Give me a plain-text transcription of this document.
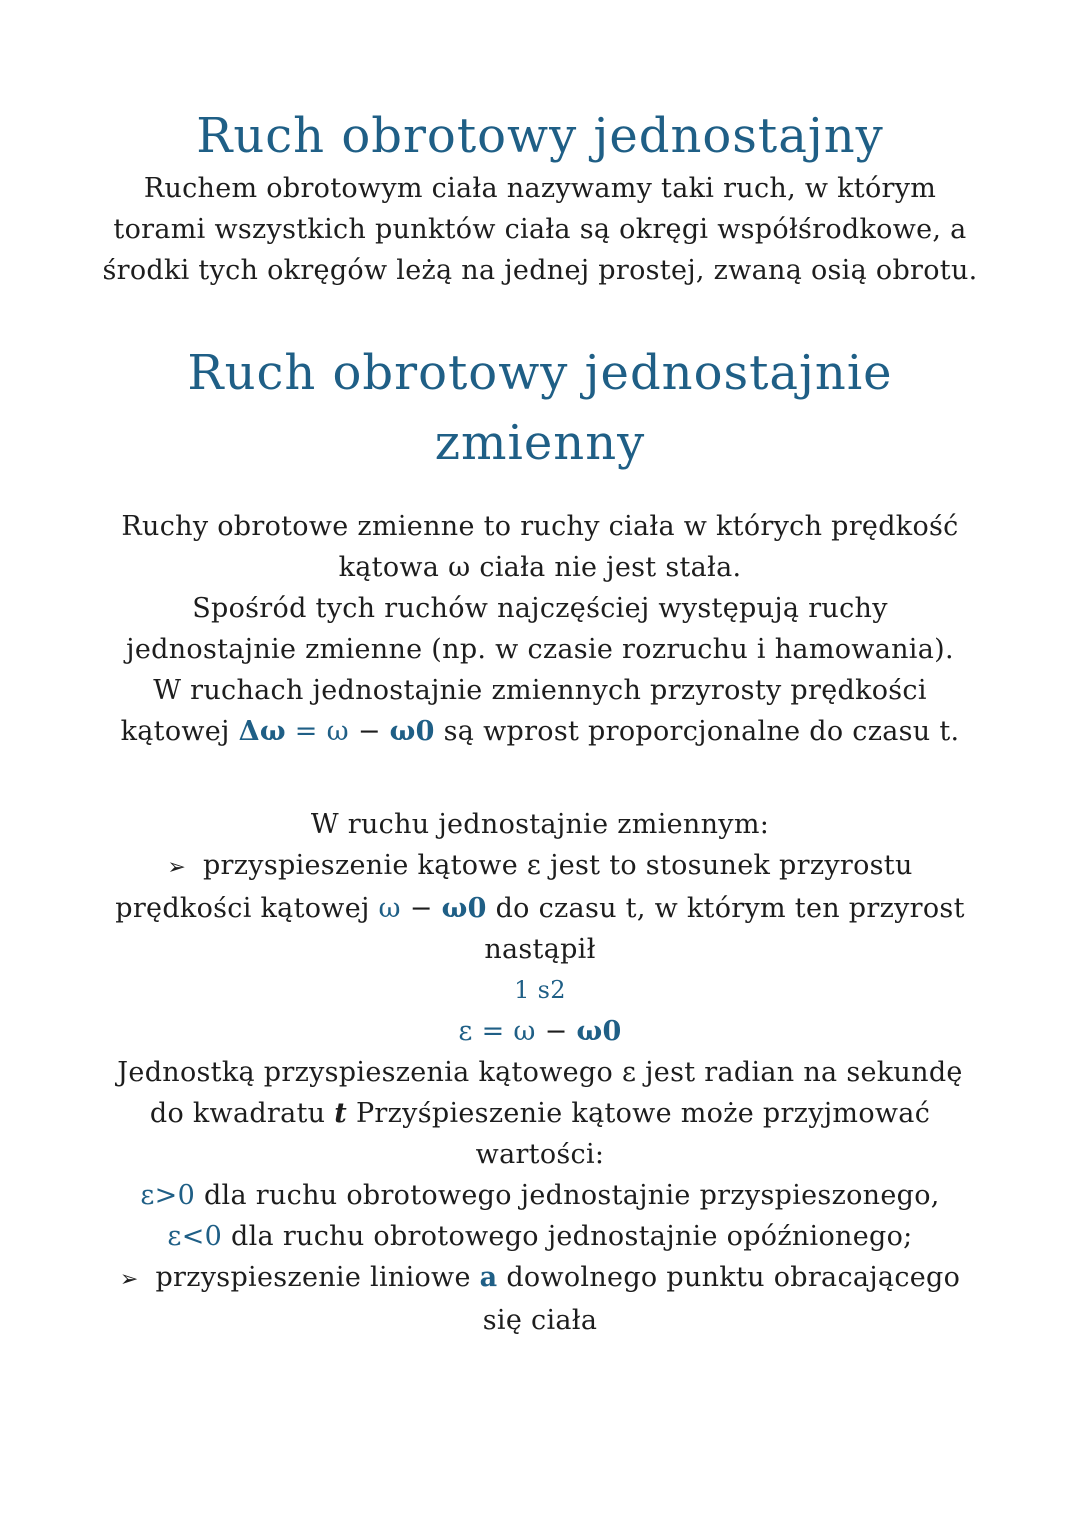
Ruch obrotowy jednostajny

Ruchem obrotowym ciała nazywamy taki ruch, w którym
torami wszystkich punktów ciała są okręgi współśrodkowe, a
środki tych okręgów leżą na jednej prostej, zwaną osią obrotu.

Ruch obrotowy jednostajnie
zmienny

Ruchy obrotowe zmienne to ruchy ciała w których prędkość
kątowa ω ciała nie jest stała.
Spośród tych ruchów najczęściej występują ruchy
jednostajnie zmienne (np. w czasie rozruchu i hamowania).
W ruchach jednostajnie zmiennych przyrosty prędkości
kątowej Δω = ω − ω0 są wprost proporcjonalne do czasu t.

W ruchu jednostajnie zmiennym:
➢ przyspieszenie kątowe ε jest to stosunek przyrostu
prędkości kątowej ω − ω0 do czasu t, w którym ten przyrost
nastąpił
1 s2
ε = ω − ω0
Jednostką przyspieszenia kątowego ε jest radian na sekundę
do kwadratu t Przyśpieszenie kątowe może przyjmować
wartości:
ε>0 dla ruchu obrotowego jednostajnie przyspieszonego,
ε<0 dla ruchu obrotowego jednostajnie opóźnionego;
➢ przyspieszenie liniowe a dowolnego punktu obracającego
się ciała
